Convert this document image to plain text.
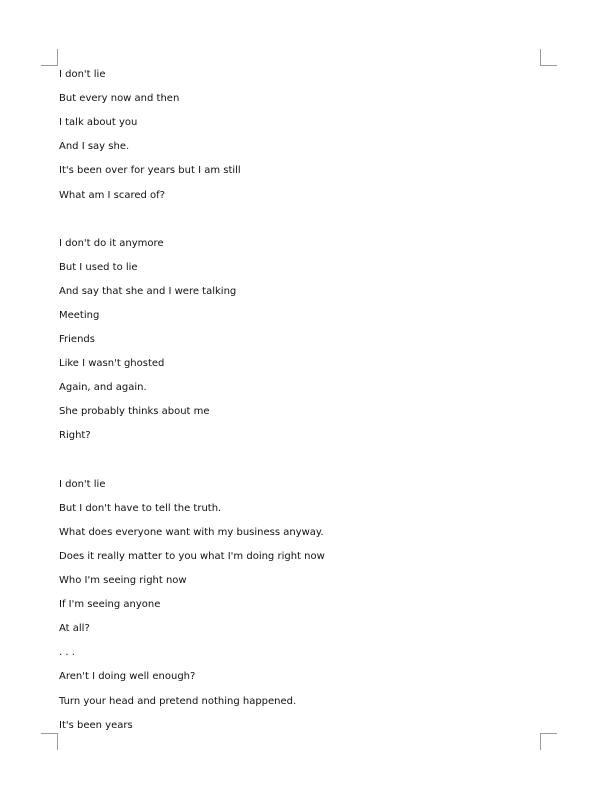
I don't lie
But every now and then
I talk about you
And I say she.
It's been over for years but I am still
What am I scared of?
I don't do it anymore
But I used to lie
And say that she and I were talking
Meeting
Friends
Like I wasn't ghosted
Again, and again.
She probably thinks about me
Right?
I don't lie
But I don't have to tell the truth.
What does everyone want with my business anyway.
Does it really matter to you what I'm doing right now
Who I'm seeing right now
If I'm seeing anyone
At all?
. . .
Aren't I doing well enough?
Turn your head and pretend nothing happened.
It's been years
